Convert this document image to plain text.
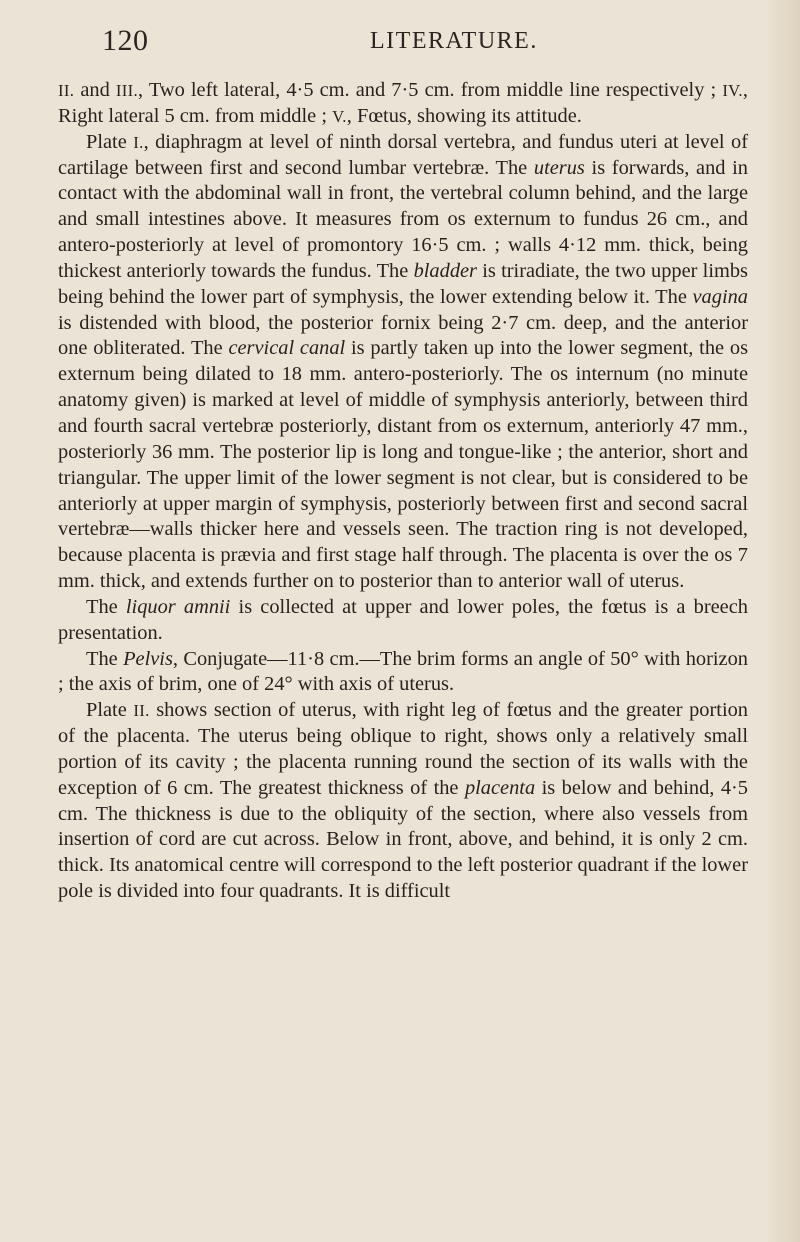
120	LITERATURE.

II. and III., Two left lateral, 4·5 cm. and 7·5 cm. from middle line respectively ; IV., Right lateral 5 cm. from middle ; V., Fœtus, showing its attitude.

Plate I., diaphragm at level of ninth dorsal vertebra, and fundus uteri at level of cartilage between first and second lumbar vertebræ. The uterus is forwards, and in contact with the abdominal wall in front, the vertebral column behind, and the large and small intestines above. It measures from os externum to fundus 26 cm., and antero-posteriorly at level of promontory 16·5 cm. ; walls 4·12 mm. thick, being thickest anteriorly towards the fundus. The bladder is triradiate, the two upper limbs being behind the lower part of symphysis, the lower extending below it. The vagina is distended with blood, the posterior fornix being 2·7 cm. deep, and the anterior one obliterated. The cervical canal is partly taken up into the lower segment, the os externum being dilated to 18 mm. antero-posteriorly. The os internum (no minute anatomy given) is marked at level of middle of symphysis anteriorly, between third and fourth sacral vertebræ posteriorly, distant from os externum, anteriorly 47 mm., posteriorly 36 mm. The posterior lip is long and tongue-like ; the anterior, short and triangular. The upper limit of the lower segment is not clear, but is considered to be anteriorly at upper margin of symphysis, posteriorly between first and second sacral vertebræ—walls thicker here and vessels seen. The traction ring is not developed, because placenta is prævia and first stage half through. The placenta is over the os 7 mm. thick, and extends further on to posterior than to anterior wall of uterus.

The liquor amnii is collected at upper and lower poles, the fœtus is a breech presentation.

The Pelvis, Conjugate—11·8 cm.—The brim forms an angle of 50° with horizon ; the axis of brim, one of 24° with axis of uterus.

Plate II. shows section of uterus, with right leg of fœtus and the greater portion of the placenta. The uterus being oblique to right, shows only a relatively small portion of its cavity ; the placenta running round the section of its walls with the exception of 6 cm. The greatest thickness of the placenta is below and behind, 4·5 cm. The thickness is due to the obliquity of the section, where also vessels from insertion of cord are cut across. Below in front, above, and behind, it is only 2 cm. thick. Its anatomical centre will correspond to the left posterior quadrant if the lower pole is divided into four quadrants. It is difficult
